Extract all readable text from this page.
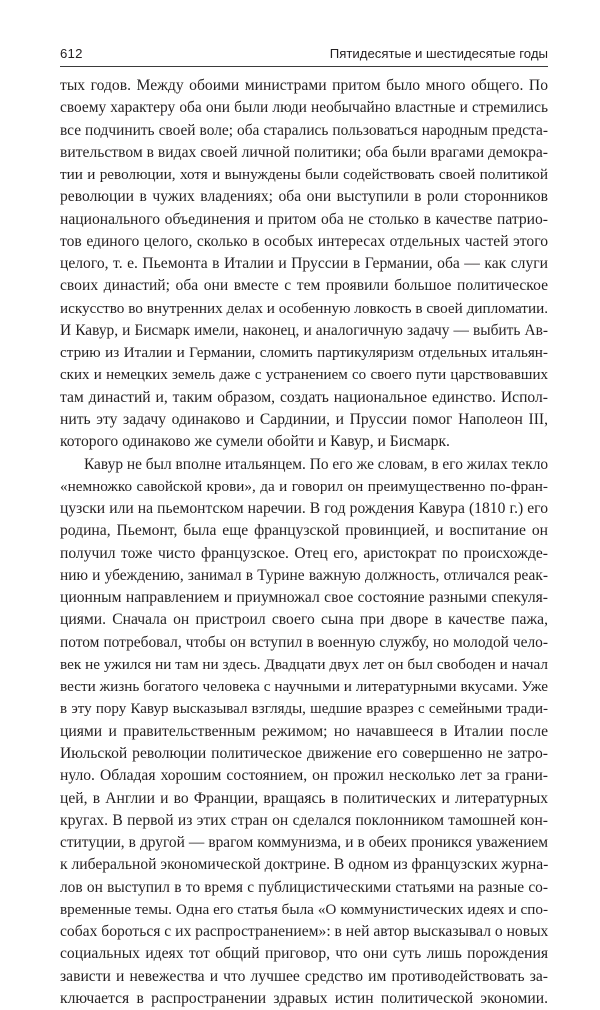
612	Пятидесятые и шестидесятые годы
тых годов. Между обоими министрами притом было много общего. По
своему характеру оба они были люди необычайно властные и стремились
все подчинить своей воле; оба старались пользоваться народным предста-
вительством в видах своей личной политики; оба были врагами демокра-
тии и революции, хотя и вынуждены были содействовать своей политикой
революции в чужих владениях; оба они выступили в роли сторонников
национального объединения и притом оба не столько в качестве патрио-
тов единого целого, сколько в особых интересах отдельных частей этого
целого, т. е. Пьемонта в Италии и Пруссии в Германии, оба — как слуги
своих династий; оба они вместе с тем проявили большое политическое
искусство во внутренних делах и особенную ловкость в своей дипломатии.
И Кавур, и Бисмарк имели, наконец, и аналогичную задачу — выбить Ав-
стрию из Италии и Германии, сломить партикуляризм отдельных итальян-
ских и немецких земель даже с устранением со своего пути царствовавших
там династий и, таким образом, создать национальное единство. Испол-
нить эту задачу одинаково и Сардинии, и Пруссии помог Наполеон III,
которого одинаково же сумели обойти и Кавур, и Бисмарк.
Кавур не был вполне итальянцем. По его же словам, в его жилах текло
«немножко савойской крови», да и говорил он преимущественно по-фран-
цузски или на пьемонтском наречии. В год рождения Кавура (1810 г.) его
родина, Пьемонт, была еще французской провинцией, и воспитание он
получил тоже чисто французское. Отец его, аристократ по происхожде-
нию и убеждению, занимал в Турине важную должность, отличался реак-
ционным направлением и приумножал свое состояние разными спекуля-
циями. Сначала он пристроил своего сына при дворе в качестве пажа,
потом потребовал, чтобы он вступил в военную службу, но молодой чело-
век не ужился ни там ни здесь. Двадцати двух лет он был свободен и начал
вести жизнь богатого человека с научными и литературными вкусами. Уже
в эту пору Кавур высказывал взгляды, шедшие вразрез с семейными тради-
циями и правительственным режимом; но начавшееся в Италии после
Июльской революции политическое движение его совершенно не затро-
нуло. Обладая хорошим состоянием, он прожил несколько лет за грани-
цей, в Англии и во Франции, вращаясь в политических и литературных
кругах. В первой из этих стран он сделался поклонником тамошней кон-
ституции, в другой — врагом коммунизма, и в обеих проникся уважением
к либеральной экономической доктрине. В одном из французских журна-
лов он выступил в то время с публицистическими статьями на разные со-
временные темы. Одна его статья была «О коммунистических идеях и спо-
собах бороться с их распространением»: в ней автор высказывал о новых
социальных идеях тот общий приговор, что они суть лишь порождения
зависти и невежества и что лучшее средство им противодействовать за-
ключается в распространении здравых истин политической экономии.
